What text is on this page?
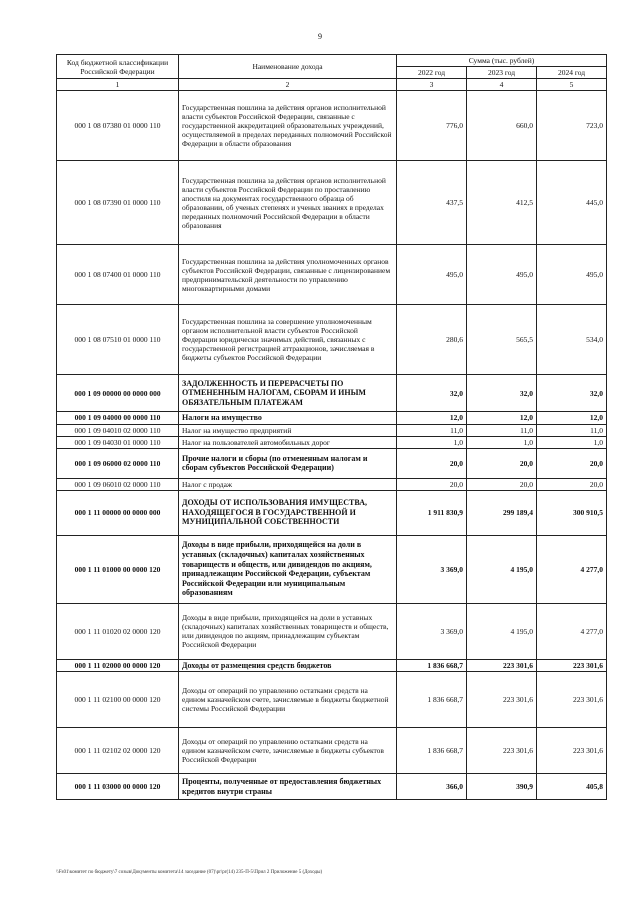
9
Код бюджетной классификации Российской Федерации	Наименование дохода	Сумма (тыс. рублей)		
		2022 год	2023 год	2024 год
1	2	3	4	5
000 1 08 07380 01 0000 110	Государственная пошлина за действия органов исполнительной власти субъектов Российской Федерации, связанные с государственной аккредитацией образовательных учреждений, осуществляемой в пределах переданных полномочий Российской Федерации в области образования	776,0	660,0	723,0
000 1 08 07390 01 0000 110	Государственная пошлина за действия органов исполнительной власти субъектов Российской Федерации по проставлению апостиля на документах государственного образца об образовании, об ученых степенях и ученых званиях в пределах переданных полномочий Российской Федерации в области образования	437,5	412,5	445,0
000 1 08 07400 01 0000 110	Государственная пошлина за действия уполномоченных органов субъектов Российской Федерации, связанные с лицензированием предпринимательской деятельности по управлению многоквартирными домами	495,0	495,0	495,0
000 1 08 07510 01 0000 110	Государственная пошлина за совершение уполномоченным органом исполнительной власти субъектов Российской Федерации юридически значимых действий, связанных с государственной регистрацией аттракционов, зачисляемая в бюджеты субъектов Российской Федерации	280,6	565,5	534,0
000 1 09 00000 00 0000 000	ЗАДОЛЖЕННОСТЬ И ПЕРЕРАСЧЕТЫ ПО ОТМЕНЕННЫМ НАЛОГАМ, СБОРАМ И ИНЫМ ОБЯЗАТЕЛЬНЫМ ПЛАТЕЖАМ	32,0	32,0	32,0
000 1 09 04000 00 0000 110	Налоги на имущество	12,0	12,0	12,0
000 1 09 04010 02 0000 110	Налог на имущество предприятий	11,0	11,0	11,0
000 1 09 04030 01 0000 110	Налог на пользователей автомобильных дорог	1,0	1,0	1,0
000 1 09 06000 02 0000 110	Прочие налоги и сборы (по отмененным налогам и сборам субъектов Российской Федерации)	20,0	20,0	20,0
000 1 09 06010 02 0000 110	Налог с продаж	20,0	20,0	20,0
000 1 11 00000 00 0000 000	ДОХОДЫ ОТ ИСПОЛЬЗОВАНИЯ ИМУЩЕСТВА, НАХОДЯЩЕГОСЯ В ГОСУДАРСТВЕННОЙ И МУНИЦИПАЛЬНОЙ СОБСТВЕННОСТИ	1 911 830,9	299 189,4	300 910,5
000 1 11 01000 00 0000 120	Доходы в виде прибыли, приходящейся на доли в уставных (складочных) капиталах хозяйственных товариществ и обществ, или дивидендов по акциям, принадлежащим Российской Федерации, субъектам Российской Федерации или муниципальным образованиям	3 369,0	4 195,0	4 277,0
000 1 11 01020 02 0000 120	Доходы в виде прибыли, приходящейся на доли в уставных (складочных) капиталах хозяйственных товариществ и обществ, или дивидендов по акциям, принадлежащим субъектам Российской Федерации	3 369,0	4 195,0	4 277,0
000 1 11 02000 00 0000 120	Доходы от размещения средств бюджетов	1 836 668,7	223 301,6	223 301,6
000 1 11 02100 00 0000 120	Доходы от операций по управлению остатками средств на едином казначейском счете, зачисляемые в бюджеты бюджетной системы Российской Федерации	1 836 668,7	223 301,6	223 301,6
000 1 11 02102 02 0000 120	Доходы от операций по управлению остатками средств на едином казначейском счете, зачисляемые в бюджеты субъектов Российской Федерации	1 836 668,7	223 301,6	223 301,6
000 1 11 03000 00 0000 120	Проценты, полученные от предоставления бюджетных кредитов внутри страны	366,0	390,9	405,8
\\Fs01\комитет по бюджету\7 созыв\Документы комитета\14 заседание (07)\pr\pr(14) 235-П-5\Прил 2 Приложение 5 (Доходы)
